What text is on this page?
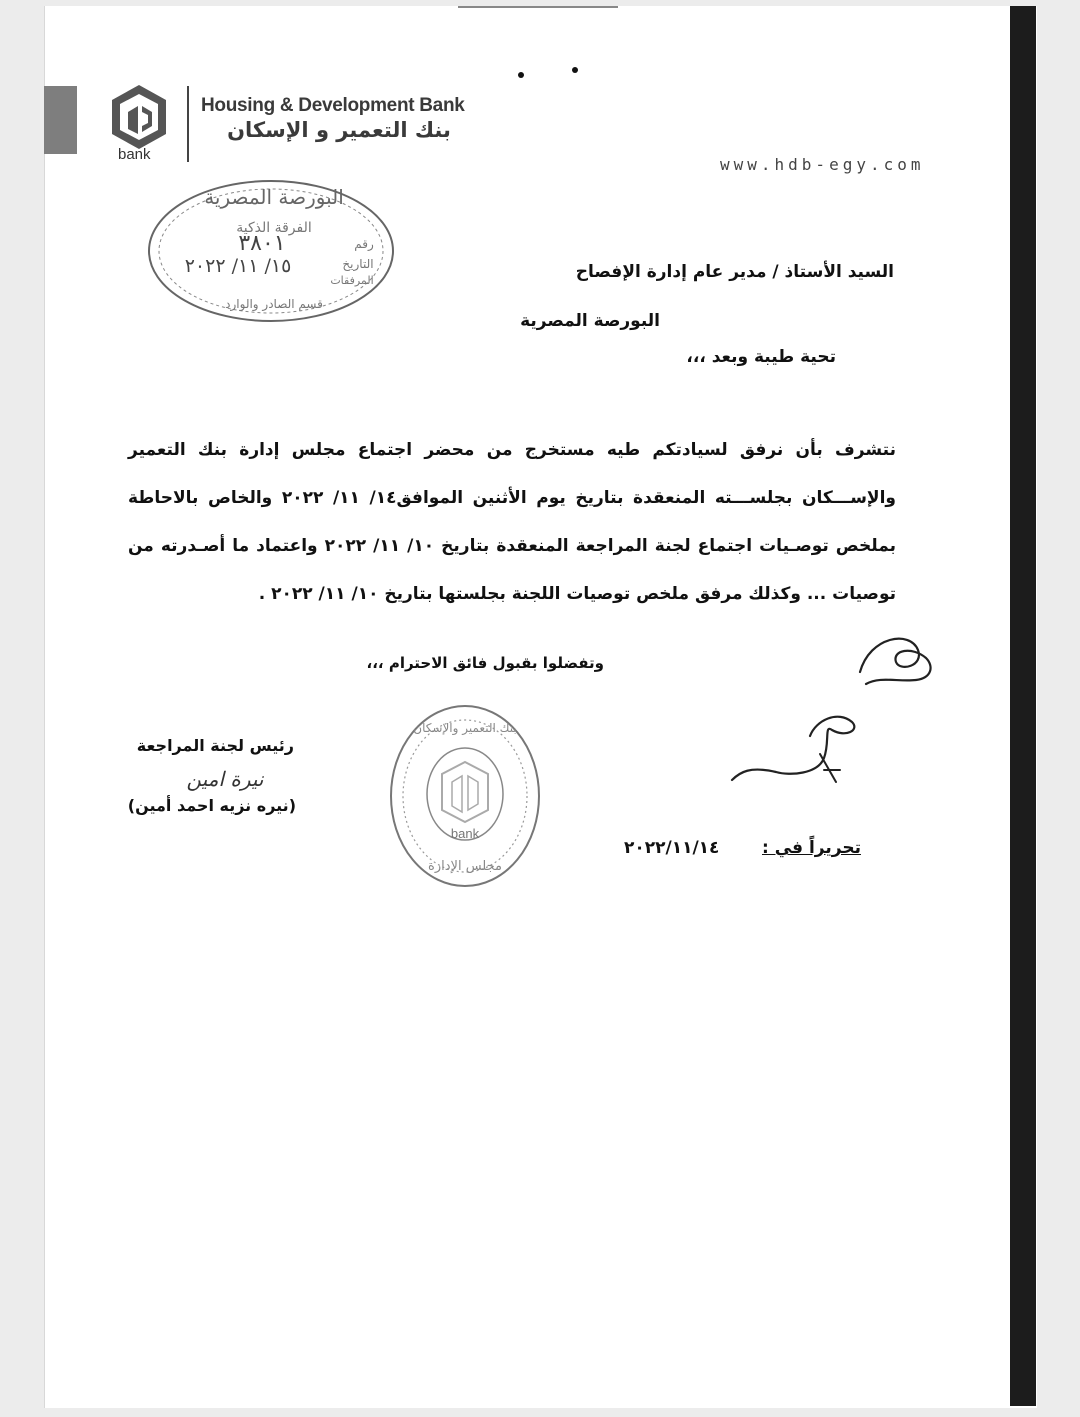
bank
Housing & Development Bank
بنك التعمير و الإسكان
www.hdb-egy.com
البورصة المصرية
الفرقة الذكية
رقم
٣٨٠١
التاريخ
١٥/ ١١/ ٢٠٢٢
المرفقات
قسم الصادر والوارد
السيد الأستاذ / مدير عام إدارة الإفصاح
البورصة المصرية
تحية طيبة وبعد ،،،
نتشرف بأن نرفق لسيادتكم طيه مستخرج من محضر اجتماع مجلس إدارة بنك التعمير والإســـكان بجلســـته المنعقدة بتاريخ يوم الأثنين الموافق١٤/ ١١/ ٢٠٢٢ والخاص بالاحاطة بملخص توصـيات اجتماع لجنة المراجعة المنعقدة بتاريخ ١٠/ ١١/ ٢٠٢٢ واعتماد ما أصـدرته من توصيات ... وكذلك مرفق ملخص توصيات اللجنة بجلستها بتاريخ ١٠/ ١١/ ٢٠٢٢ .
وتفضلوا بقبول فائق الاحترام ،،،
bank
بنك التعمير والإسكان
مجلس الإدارة
تحريراً في :
٢٠٢٢/١١/١٤
رئيس لجنة المراجعة
نيرة امين
(نيره نزيه احمد أمين)
